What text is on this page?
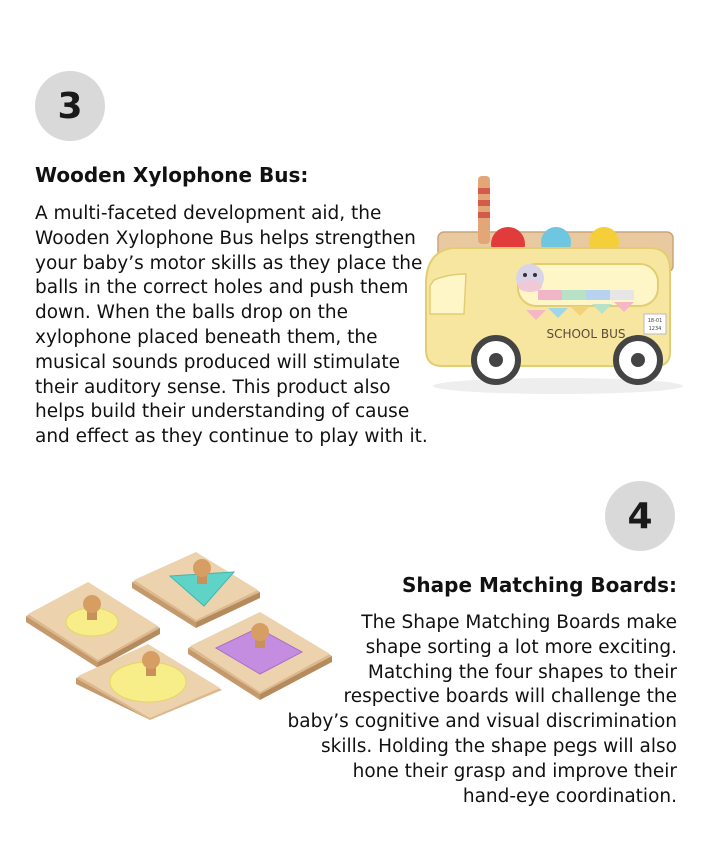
3
Wooden Xylophone Bus:

A multi-faceted development aid, the
Wooden Xylophone Bus helps strengthen
your baby’s motor skills as they place the
balls in the correct holes and push them
down. When the balls drop on the
xylophone placed beneath them, the
musical sounds produced will stimulate
their auditory sense. This product also
helps build their understanding of cause
and effect as they continue to play with it.

SCHOOL BUS
18-01
1234
4
Shape Matching Boards:

The Shape Matching Boards make
shape sorting a lot more exciting.
Matching the four shapes to their
respective boards will challenge the
baby’s cognitive and visual discrimination
skills. Holding the shape pegs will also
hone their grasp and improve their
hand-eye coordination.
